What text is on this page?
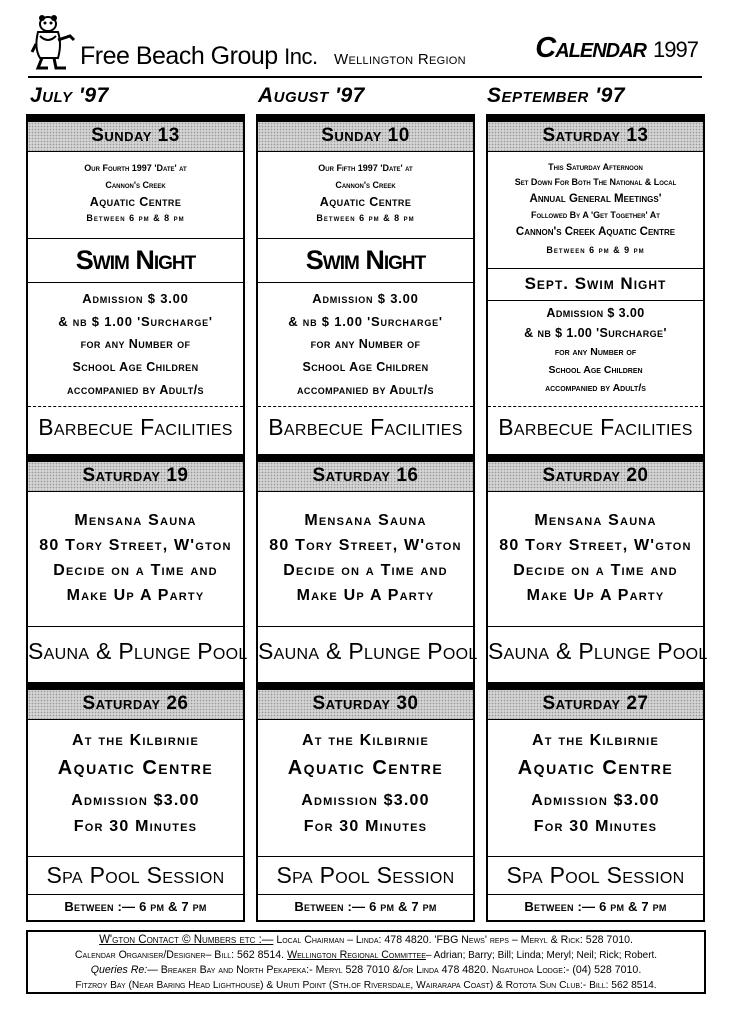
Free Beach Group Inc. Wellington Region Calendar 1997
July '97	August '97	September '97
Sunday 13
Our Fourth 1997 'Date' at
Cannon's Creek
Aquatic Centre
Between 6 pm & 8 pm
Swim Night
Admission $ 3.00
& nb $ 1.00 'Surcharge'
for any Number of
School Age Children
accompanied by Adult/s
Barbecue Facilities
Saturday 19
Mensana Sauna
80 Tory Street, W'gton
Decide on a Time and
Make Up A Party
Sauna & Plunge Pool
Saturday 26
At the Kilbirnie
Aquatic Centre
Admission $3.00
For 30 Minutes
Spa Pool Session
Between :— 6 pm & 7 pm
Sunday 10
Our Fifth 1997 'Date' at
Cannon's Creek
Aquatic Centre
Between 6 pm & 8 pm
Swim Night
Admission $ 3.00
& nb $ 1.00 'Surcharge'
for any Number of
School Age Children
accompanied by Adult/s
Barbecue Facilities
Saturday 16
Mensana Sauna
80 Tory Street, W'gton
Decide on a Time and
Make Up A Party
Sauna & Plunge Pool
Saturday 30
At the Kilbirnie
Aquatic Centre
Admission $3.00
For 30 Minutes
Spa Pool Session
Between :— 6 pm & 7 pm
Saturday 13
This Saturday Afternoon
Set Down For Both The National & Local
Annual General Meetings'
Followed By A 'Get Together' At
Cannon's Creek Aquatic Centre
Between 6 pm & 9 pm
Sept. Swim Night
Admission $ 3.00
& nb $ 1.00 'Surcharge'
for any Number of
School Age Children
accompanied by Adult/s
Barbecue Facilities
Saturday 20
Mensana Sauna
80 Tory Street, W'gton
Decide on a Time and
Make Up A Party
Sauna & Plunge Pool
Saturday 27
At the Kilbirnie
Aquatic Centre
Admission $3.00
For 30 Minutes
Spa Pool Session
Between :— 6 pm & 7 pm
W'gton Contact © Numbers etc :— Local Chairman – Linda: 478 4820. 'FBG News' reps – Meryl & Rick: 528 7010.
Calendar Organiser/Designer– Bill: 562 8514. Wellington Regional Committee– Adrian; Barry; Bill; Linda; Meryl; Neil; Rick; Robert.
Queries Re:— Breaker Bay and North Pekapeka:- Meryl 528 7010 &/or Linda 478 4820. Ngatuhoa Lodge:- (04) 528 7010.
Fitzroy Bay (Near Baring Head Lighthouse) & Uruti Point (Sth.of Riversdale, Wairarapa Coast) & Rotota Sun Club:- Bill: 562 8514.
